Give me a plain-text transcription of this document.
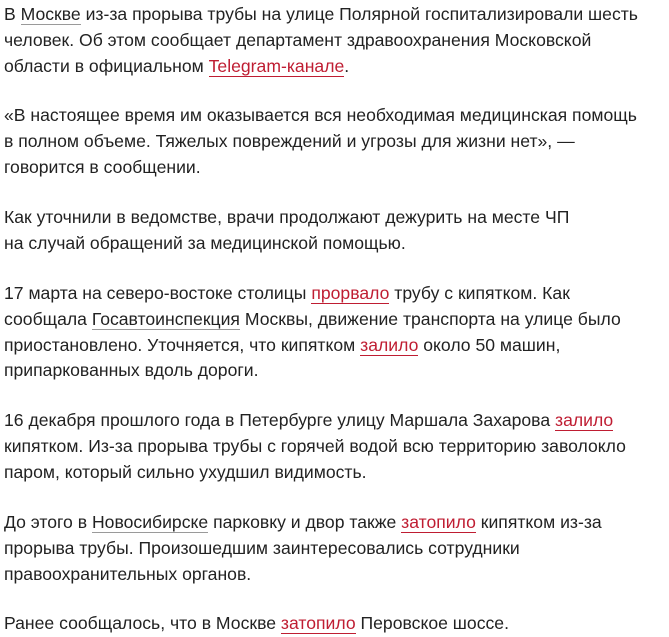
В Москве из-за прорыва трубы на улице Полярной госпитализировали шесть
человек. Об этом сообщает департамент здравоохранения Московской
области в официальном Telegram-канале.

«В настоящее время им оказывается вся необходимая медицинская помощь
в полном объеме. Тяжелых повреждений и угрозы для жизни нет», —
говорится в сообщении.

Как уточнили в ведомстве, врачи продолжают дежурить на месте ЧП
на случай обращений за медицинской помощью.

17 марта на северо-востоке столицы прорвало трубу с кипятком. Как
сообщала Госавтоинспекция Москвы, движение транспорта на улице было
приостановлено. Уточняется, что кипятком залило около 50 машин,
припаркованных вдоль дороги.

16 декабря прошлого года в Петербурге улицу Маршала Захарова залило
кипятком. Из-за прорыва трубы с горячей водой всю территорию заволокло
паром, который сильно ухудшил видимость.

До этого в Новосибирске парковку и двор также затопило кипятком из-за
прорыва трубы. Произошедшим заинтересовались сотрудники
правоохранительных органов.

Ранее сообщалось, что в Москве затопило Перовское шоссе.
